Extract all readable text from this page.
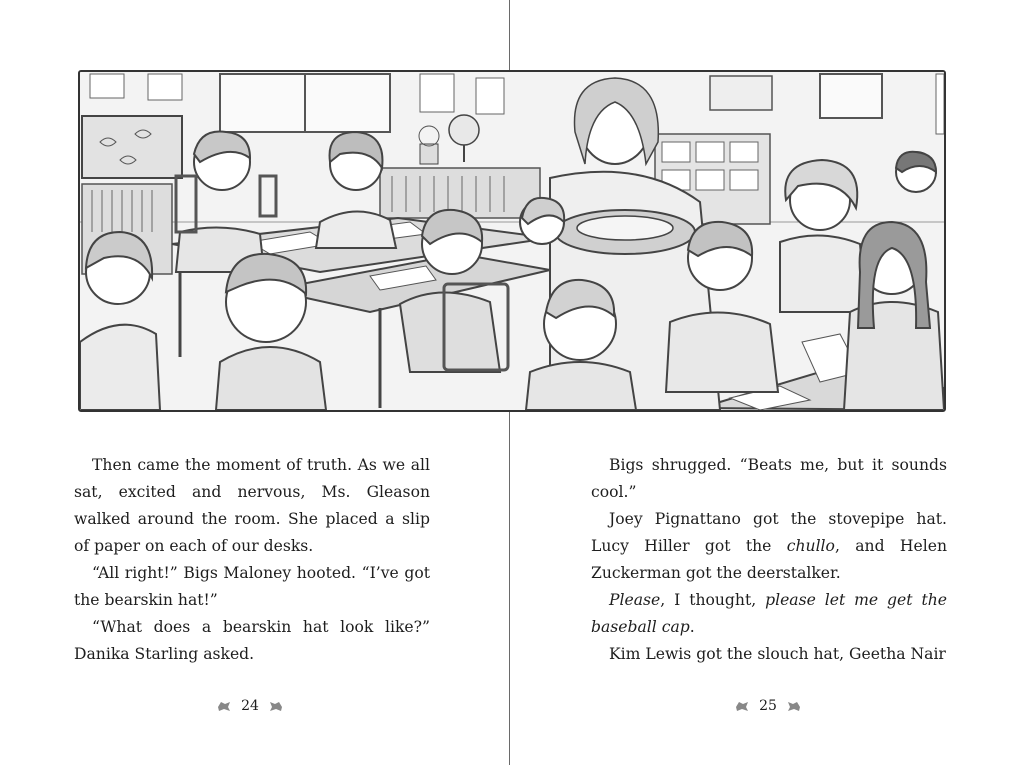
Then came the moment of truth. As we all sat, excited and nervous, Ms. Gleason walked around the room. She placed a slip of paper on each of our desks.

“All right!” Bigs Maloney hooted. “I’ve got the bearskin hat!”

“What does a bearskin hat look like?” Danika Starling asked.

Bigs shrugged. “Beats me, but it sounds cool.”

Joey Pignattano got the stovepipe hat. Lucy Hiller got the chullo, and Helen Zuckerman got the deerstalker.

Please, I thought, please let me get the baseball cap.

Kim Lewis got the slouch hat, Geetha Nair

24	25
